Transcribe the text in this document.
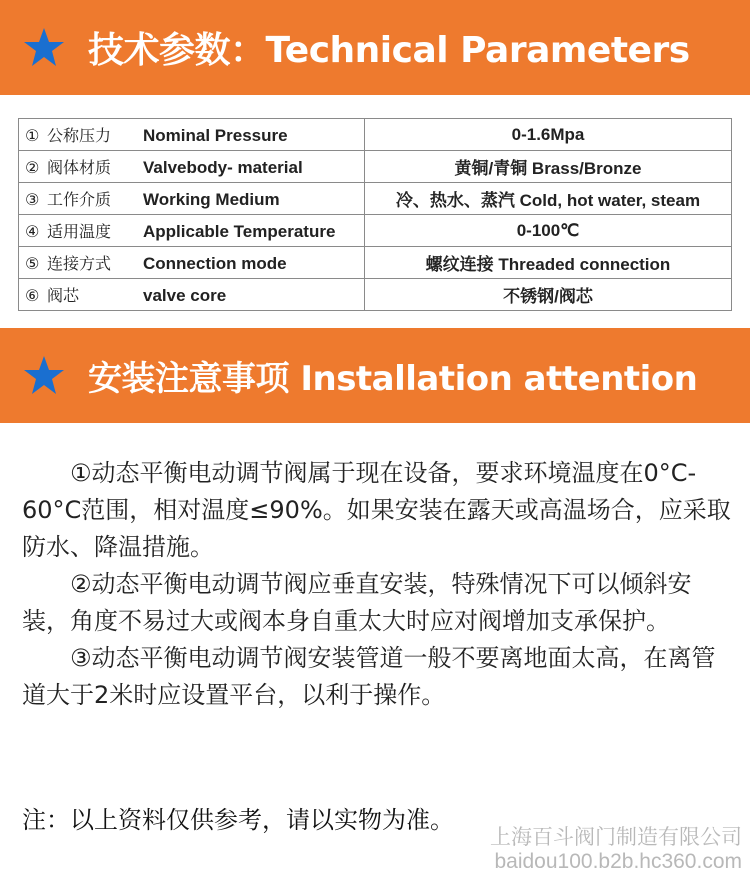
技术参数：Technical Parameters
① 公称压力 Nominal Pressure	0-1.6Mpa
② 阀体材质 Valvebody- material	黄铜/青铜 Brass/Bronze
③ 工作介质 Working Medium	冷、热水、蒸汽 Cold, hot water, steam
④ 适用温度 Applicable Temperature	0-100℃
⑤ 连接方式 Connection mode	螺纹连接 Threaded connection
⑥ 阀芯 valve core	不锈钢/阀芯
安装注意事项 Installation attention

①动态平衡电动调节阀属于现在设备，要求环境温度在0°C-60°C范围，相对温度≤90%。如果安装在露天或高温场合，应采取防水、降温措施。

②动态平衡电动调节阀应垂直安装，特殊情况下可以倾斜安装，角度不易过大或阀本身自重太大时应对阀增加支承保护。

③动态平衡电动调节阀安装管道一般不要离地面太高，在离管道大于2米时应设置平台，以利于操作。

注：以上资料仅供参考，请以实物为准。
上海百斗阀门制造有限公司
baidou100.b2b.hc360.com
